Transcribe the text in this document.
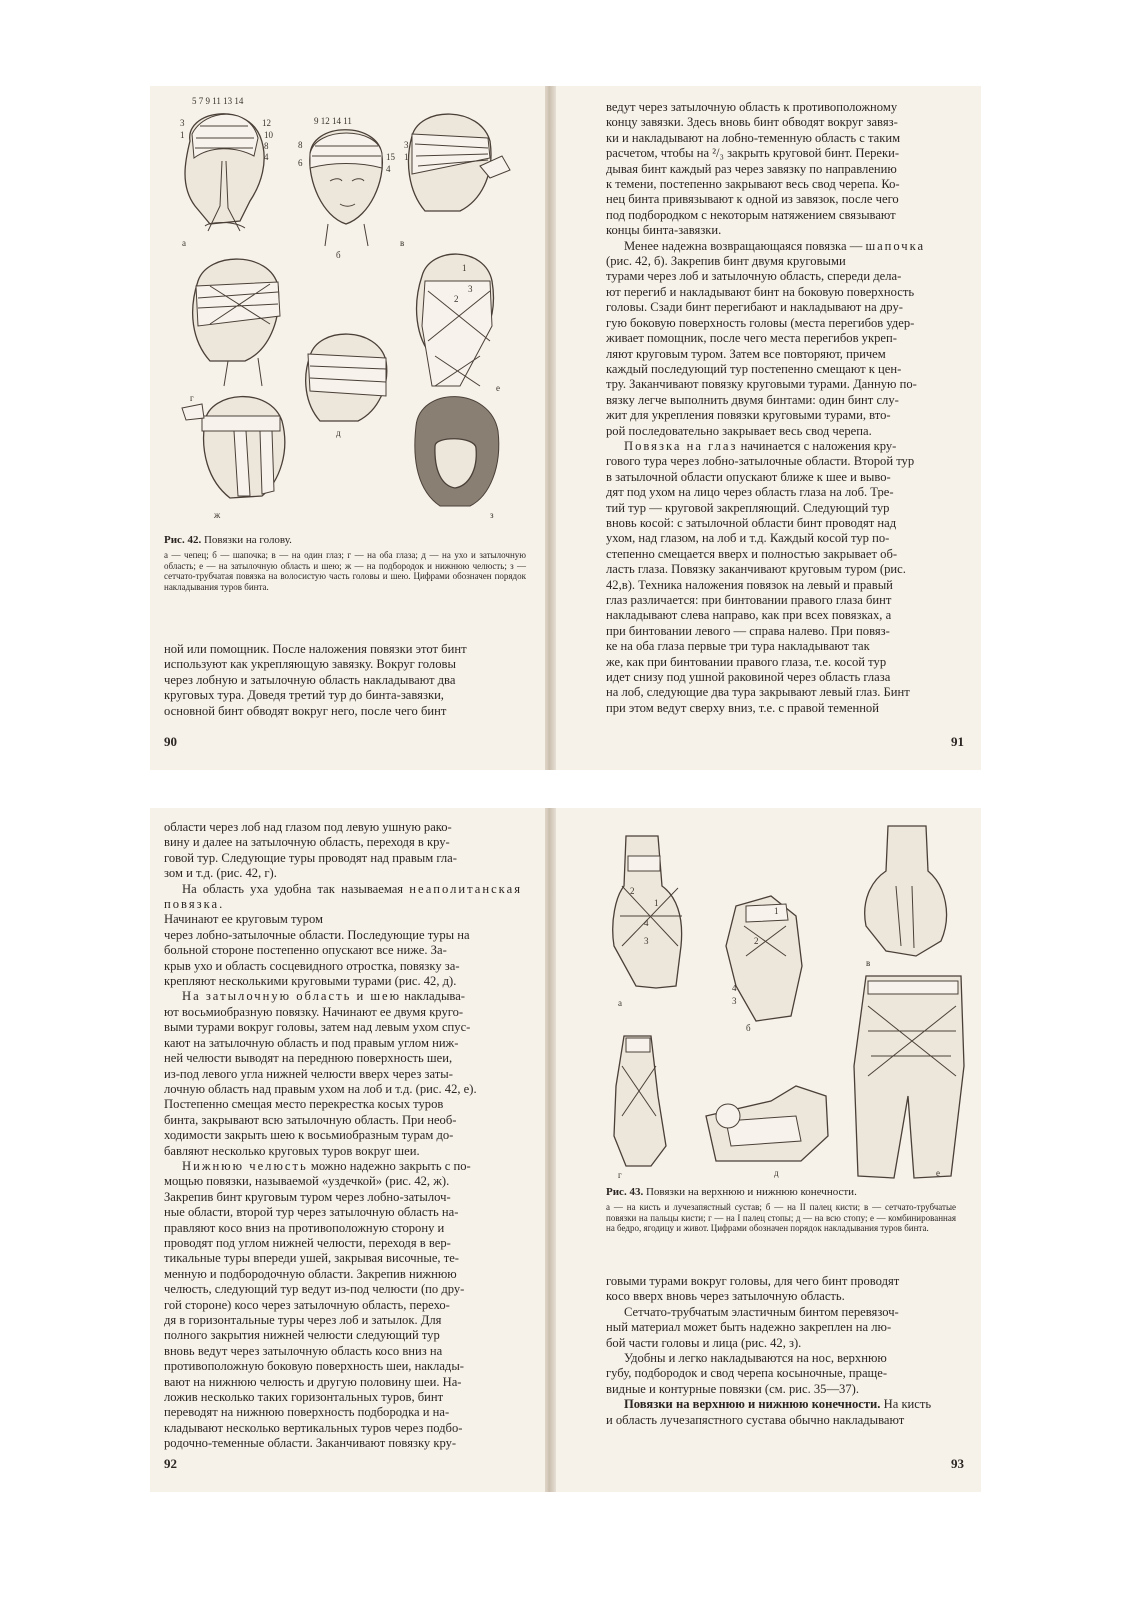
5 7 9 11 13 14
12
10
8
4
3
1
а
9 12 14 11
8
6
15
4
б
3
1
в
г
1
3
2
е
д
ж	з
Рис. 42. Повязки на голову.
а — чепец; б — шапочка; в — на один глаз; г — на оба глаза; д — на ухо и затылочную область; е — на затылочную область и шею; ж — на подбородок и нижнюю челюсть; з — сетчато-трубчатая повязка на волосистую часть головы и шею. Цифрами обозначен порядок накладывания туров бинта.

ной или помощник. После наложения повязки этот бинт

используют как укрепляющую завязку. Вокруг головы

через лобную и затылочную область накладывают два

круговых тура. Доведя третий тур до бинта-завязки,

основной бинт обводят вокруг него, после чего бинт

90

ведут через затылочную область к противоположному

концу завязки. Здесь вновь бинт обводят вокруг завяз-

ки и накладывают на лобно-теменную область с таким

расчетом, чтобы на ²/₃ закрыть круговой бинт. Переки-

дывая бинт каждый раз через завязку по направлению

к темени, постепенно закрывают весь свод черепа. Ко-

нец бинта привязывают к одной из завязок, после чего

под подбородком с некоторым натяжением связывают

концы бинта-завязки.

Менее надежна возвращающаяся повязка — шапочка

(рис. 42, б). Закрепив бинт двумя круговыми

турами через лоб и затылочную область, спереди дела-

ют перегиб и накладывают бинт на боковую поверхность

головы. Сзади бинт перегибают и накладывают на дру-

гую боковую поверхность головы (места перегибов удер-

живает помощник, после чего места перегибов укреп-

ляют круговым туром. Затем все повторяют, причем

каждый последующий тур постепенно смещают к цен-

тру. Заканчивают повязку круговыми турами. Данную по-

вязку легче выполнить двумя бинтами: один бинт слу-

жит для укрепления повязки круговыми турами, вто-

рой последовательно закрывает весь свод черепа.

Повязка на глаз начинается с наложения кру-

гового тура через лобно-затылочные области. Второй тур

в затылочной области опускают ближе к шее и выво-

дят под ухом на лицо через область глаза на лоб. Тре-

тий тур — круговой закрепляющий. Следующий тур

вновь косой: с затылочной области бинт проводят над

ухом, над глазом, на лоб и т.д. Каждый косой тур по-

степенно смещается вверх и полностью закрывает об-

ласть глаза. Повязку заканчивают круговым туром (рис.

42,в). Техника наложения повязок на левый и правый

глаз различается: при бинтовании правого глаза бинт

накладывают слева направо, как при всех повязках, а

при бинтовании левого — справа налево. При повяз-

ке на оба глаза первые три тура накладывают так

же, как при бинтовании правого глаза, т.е. косой тур

идет снизу под ушной раковиной через область глаза

на лоб, следующие два тура закрывают левый глаз. Бинт

при этом ведут сверху вниз, т.е. с правой теменной

91

области через лоб над глазом под левую ушную рако-

вину и далее на затылочную область, переходя в кру-

говой тур. Следующие туры проводят над правым гла-

зом и т.д. (рис. 42, г).

На область уха удобна так называемая неаполитанская повязка.

Начинают ее круговым туром

через лобно-затылочные области. Последующие туры на

больной стороне постепенно опускают все ниже. За-

крыв ухо и область сосцевидного отростка, повязку за-

крепляют несколькими круговыми турами (рис. 42, д).

На затылочную область и шею накладыва-

ют восьмиобразную повязку. Начинают ее двумя круго-

выми турами вокруг головы, затем над левым ухом спус-

кают на затылочную область и под правым углом ниж-

ней челюсти выводят на переднюю поверхность шеи,

из-под левого угла нижней челюсти вверх через заты-

лочную область над правым ухом на лоб и т.д. (рис. 42, е).

Постепенно смещая место перекрестка косых туров

бинта, закрывают всю затылочную область. При необ-

ходимости закрыть шею к восьмиобразным турам до-

бавляют несколько круговых туров вокруг шеи.

Нижнюю челюсть можно надежно закрыть с по-

мощью повязки, называемой «уздечкой» (рис. 42, ж).

Закрепив бинт круговым туром через лобно-затылоч-

ные области, второй тур через затылочную область на-

правляют косо вниз на противоположную сторону и

проводят под углом нижней челюсти, переходя в вер-

тикальные туры впереди ушей, закрывая височные, те-

менную и подбородочную области. Закрепив нижнюю

челюсть, следующий тур ведут из-под челюсти (по дру-

гой стороне) косо через затылочную область, перехо-

дя в горизонтальные туры через лоб и затылок. Для

полного закрытия нижней челюсти следующий тур

вновь ведут через затылочную область косо вниз на

противоположную боковую поверхность шеи, наклады-

вают на нижнюю челюсть и другую половину шеи. На-

ложив несколько таких горизонтальных туров, бинт

переводят на нижнюю поверхность подбородка и на-

кладывают несколько вертикальных туров через подбо-

родочно-теменные области. Заканчивают повязку кру-

92
2
1
4
3
а
1
2
4
3
б
в
г	д	е
Рис. 43. Повязки на верхнюю и нижнюю конечности.
а — на кисть и лучезапястный сустав; б — на II палец кисти; в — сетчато-трубчатые повязки на пальцы кисти; г — на I палец стопы; д — на всю стопу; е — комбинированная на бедро, ягодицу и живот. Цифрами обозначен порядок накладывания туров бинта.

говыми турами вокруг головы, для чего бинт проводят

косо вверх вновь через затылочную область.

Сетчато-трубчатым эластичным бинтом перевязоч-

ный материал может быть надежно закреплен на лю-

бой части головы и лица (рис. 42, з).

Удобны и легко накладываются на нос, верхнюю

губу, подбородок и свод черепа косыночные, праще-

видные и контурные повязки (см. рис. 35—37).

Повязки на верхнюю и нижнюю конечности. На кисть

и область лучезапястного сустава обычно накладывают

93
